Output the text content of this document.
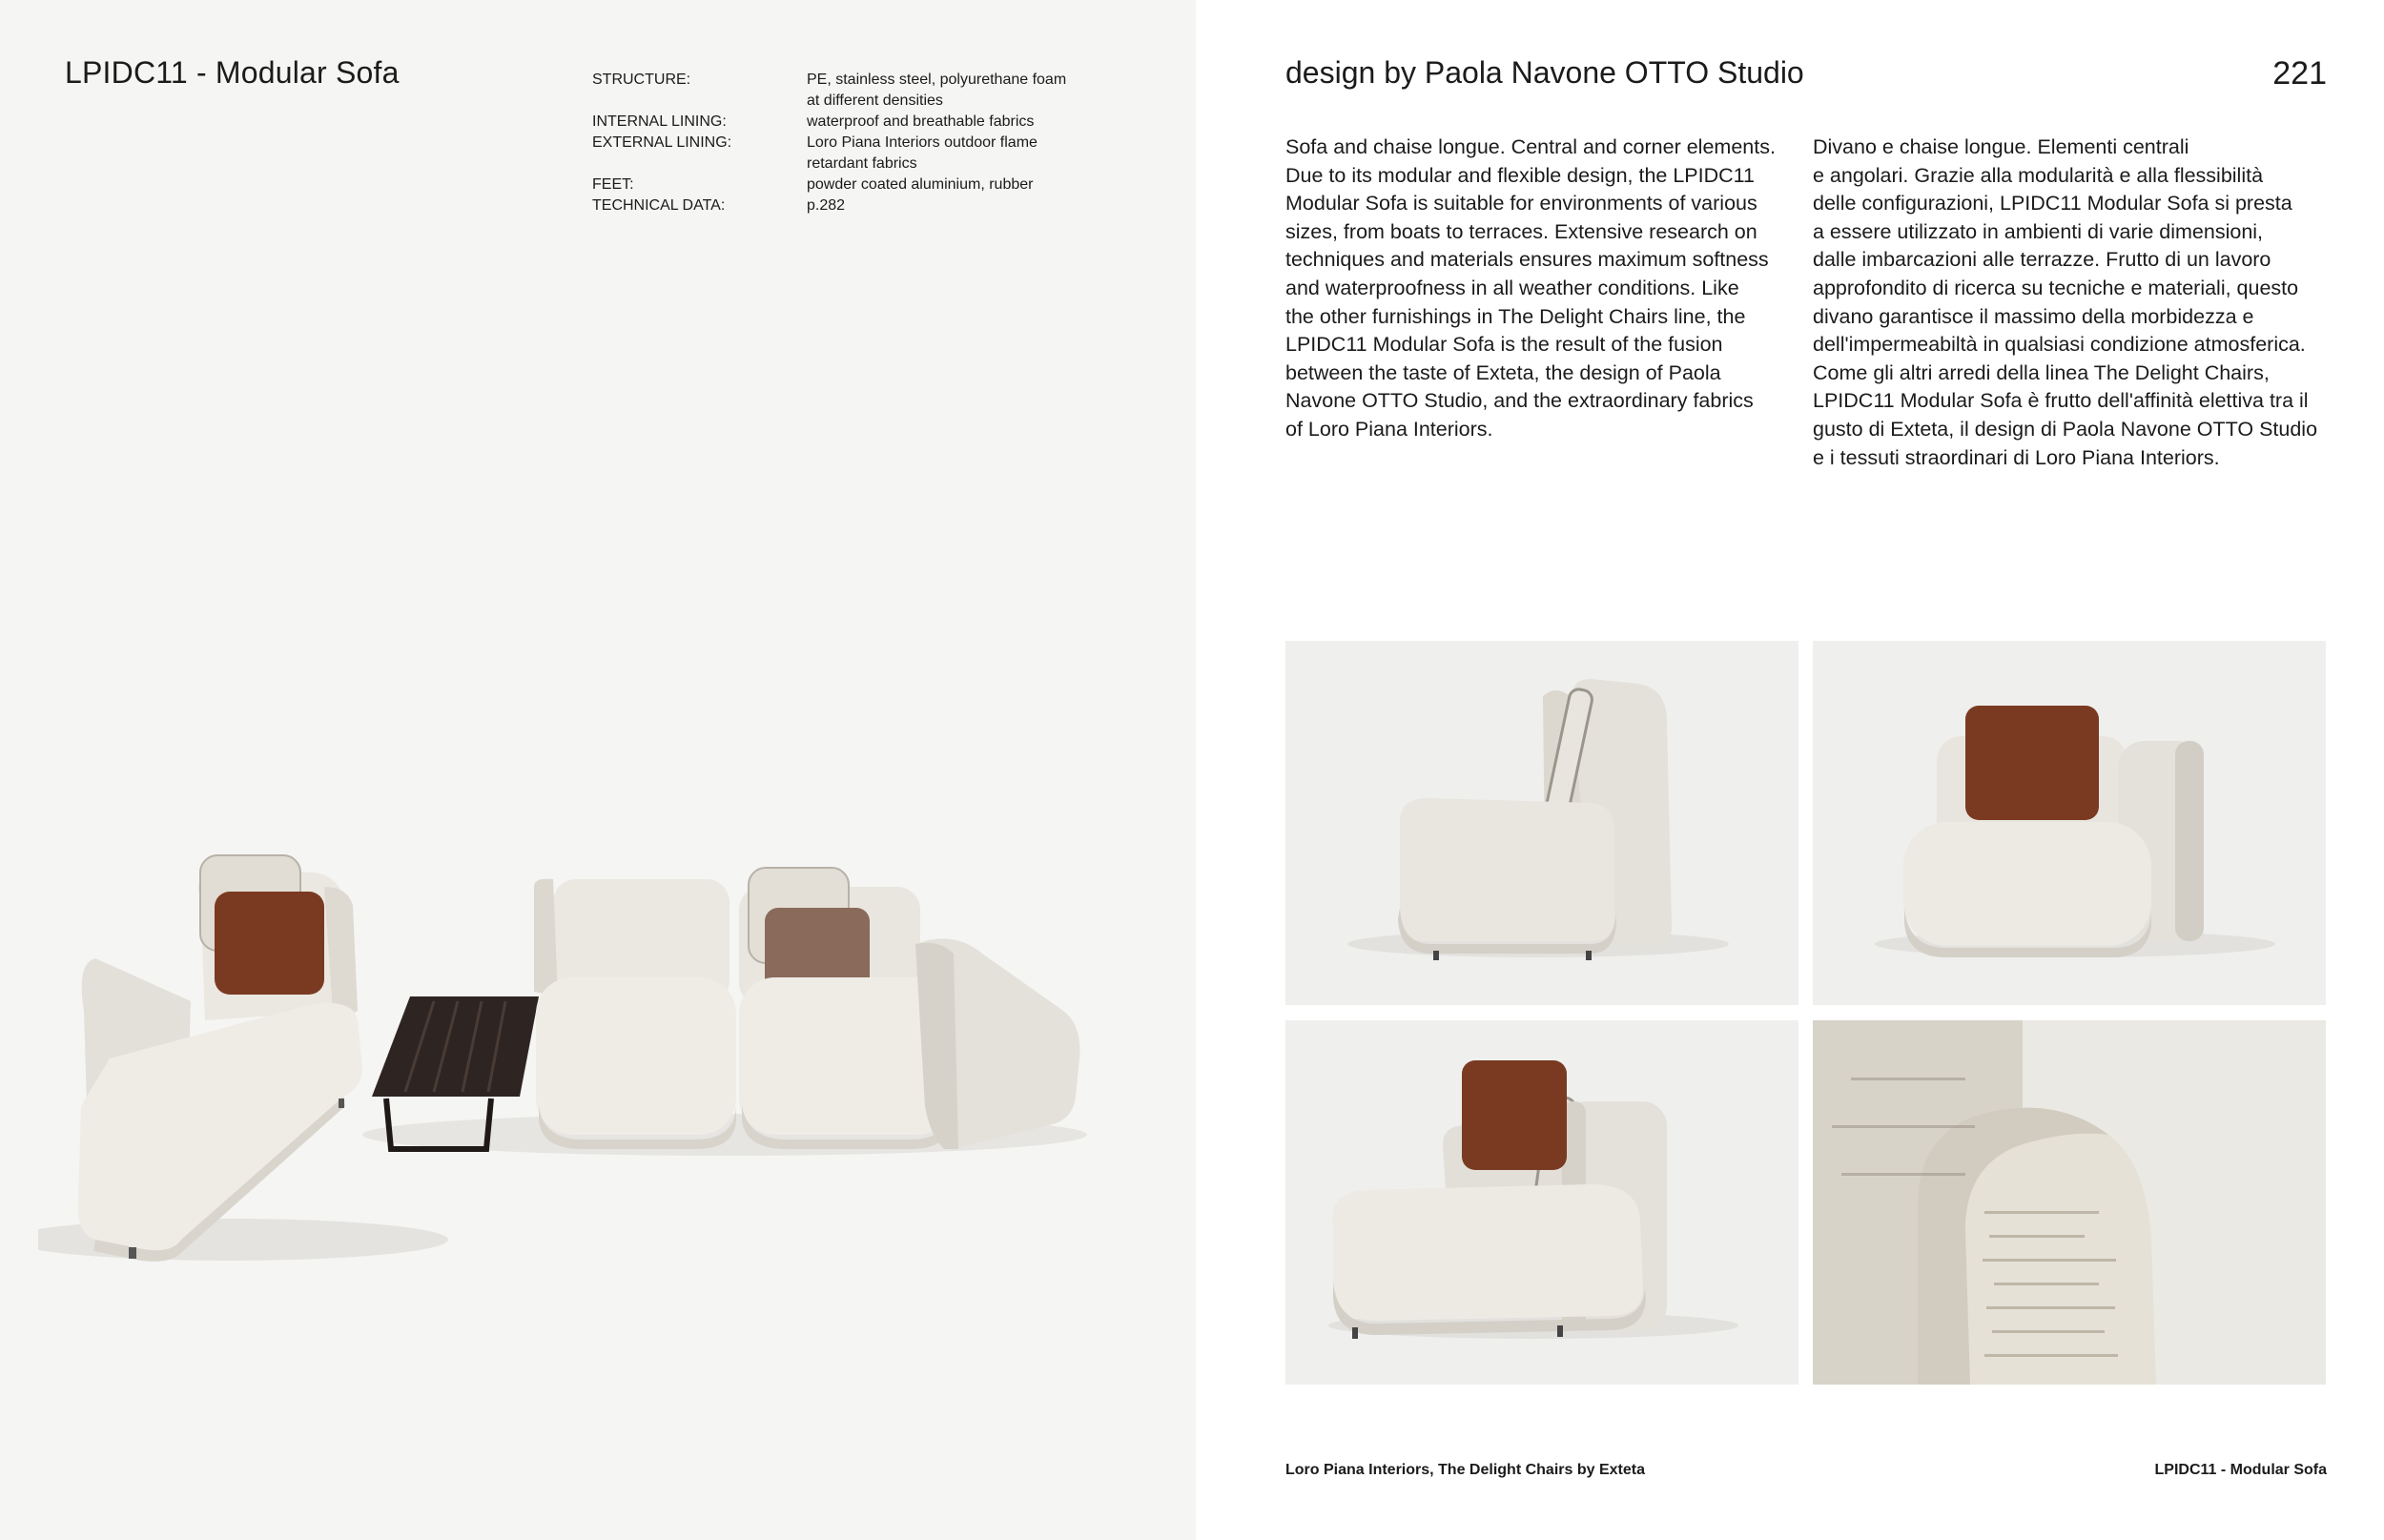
LPIDC11 - Modular Sofa	STRUCTURE:	PE, stainless steel, polyurethane foam at different densities
INTERNAL LINING:	waterproof and breathable fabrics
EXTERNAL LINING:	Loro Piana Interiors outdoor flame retardant fabrics
FEET:	powder coated aluminium, rubber
TECHNICAL DATA:	p.282
design by Paola Navone OTTO Studio	221

Sofa and chaise longue. Central and corner elements.
Due to its modular and flexible design, the LPIDC11
Modular Sofa is suitable for environments of various
sizes, from boats to terraces. Extensive research on
techniques and materials ensures maximum softness
and waterproofness in all weather conditions. Like
the other furnishings in The Delight Chairs line, the
LPIDC11 Modular Sofa is the result of the fusion
between the taste of Exteta, the design of Paola
Navone OTTO Studio, and the extraordinary fabrics
of Loro Piana Interiors.

Divano e chaise longue. Elementi centrali
e angolari. Grazie alla modularità e alla flessibilità
delle configurazioni, LPIDC11 Modular Sofa si presta
a essere utilizzato in ambienti di varie dimensioni,
dalle imbarcazioni alle terrazze. Frutto di un lavoro
approfondito di ricerca su tecniche e materiali, questo
divano garantisce il massimo della morbidezza e
dell'impermeabiltà in qualsiasi condizione atmosferica.
Come gli altri arredi della linea The Delight Chairs,
LPIDC11 Modular Sofa è frutto dell'affinità elettiva tra il
gusto di Exteta, il design di Paola Navone OTTO Studio
e i tessuti straordinari di Loro Piana Interiors.

Loro Piana Interiors, The Delight Chairs by Exteta	LPIDC11 - Modular Sofa
